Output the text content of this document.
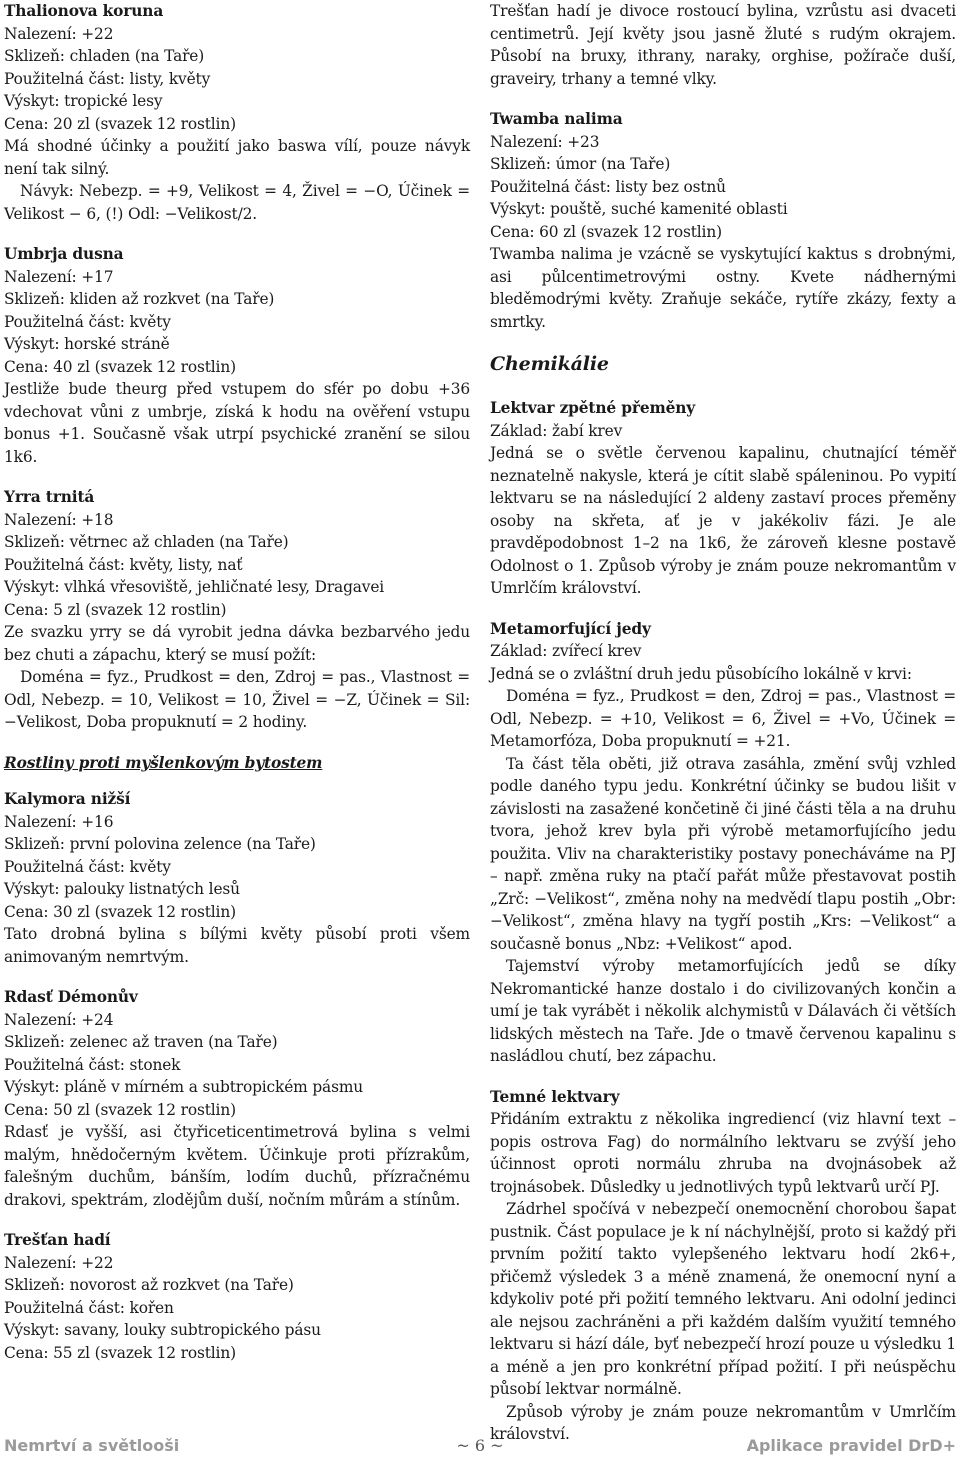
Thalionova koruna

Nalezení: +22

Sklizeň: chladen (na Taře)

Použitelná část: listy, květy

Výskyt: tropické lesy

Cena: 20 zl (svazek 12 rostlin)

Má shodné účinky a použití jako baswa vílí, pouze návyk není tak silný.

Návyk: Nebezp. = +9, Velikost = 4, Živel = −O, Účinek = Velikost − 6, (!) Odl: −Velikost/2.

Umbrja dusna

Nalezení: +17

Sklizeň: kliden až rozkvet (na Taře)

Použitelná část: květy

Výskyt: horské stráně

Cena: 40 zl (svazek 12 rostlin)

Jestliže bude theurg před vstupem do sfér po dobu +36 vdechovat vůni z umbrje, získá k hodu na ověření vstupu bonus +1. Současně však utrpí psychické zranění se silou 1k6.

Yrra trnitá

Nalezení: +18

Sklizeň: větrnec až chladen (na Taře)

Použitelná část: květy, listy, nať

Výskyt: vlhká vřesoviště, jehličnaté lesy, Dragavei

Cena: 5 zl (svazek 12 rostlin)

Ze svazku yrry se dá vyrobit jedna dávka bezbarvého jedu bez chuti a zápachu, který se musí požít:

Doména = fyz., Prudkost = den, Zdroj = pas., Vlastnost = Odl, Nebezp. = 10, Velikost = 10, Živel = −Z, Účinek = Sil: −Velikost, Doba propuknutí = 2 hodiny.

Rostliny proti myšlenkovým bytostem

Kalymora nižší

Nalezení: +16

Sklizeň: první polovina zelence (na Taře)

Použitelná část: květy

Výskyt: palouky listnatých lesů

Cena: 30 zl (svazek 12 rostlin)

Tato drobná bylina s bílými květy působí proti všem animovaným nemrtvým.

Rdasť Démonův

Nalezení: +24

Sklizeň: zelenec až traven (na Taře)

Použitelná část: stonek

Výskyt: pláně v mírném a subtropickém pásmu

Cena: 50 zl (svazek 12 rostlin)

Rdasť je vyšší, asi čtyřiceticentimetrová bylina s velmi malým, hnědočerným květem. Účinkuje proti přízrakům, falešným duchům, bánším, lodím duchů, přízračnému drakovi, spektrám, zlodějům duší, nočním můrám a stínům.

Trešťan hadí

Nalezení: +22

Sklizeň: novorost až rozkvet (na Taře)

Použitelná část: kořen

Výskyt: savany, louky subtropického pásu

Cena: 55 zl (svazek 12 rostlin)

Trešťan hadí je divoce rostoucí bylina, vzrůstu asi dvaceti centimetrů. Její květy jsou jasně žluté s rudým okrajem. Působí na bruxy, ithrany, naraky, orghise, požírače duší, graveiry, trhany a temné vlky.

Twamba nalima

Nalezení: +23

Sklizeň: úmor (na Taře)

Použitelná část: listy bez ostnů

Výskyt: pouště, suché kamenité oblasti

Cena: 60 zl (svazek 12 rostlin)

Twamba nalima je vzácně se vyskytující kaktus s drobnými, asi půlcentimetrovými ostny. Kvete nádhernými bleděmodrými květy. Zraňuje sekáče, rytíře zkázy, fexty a smrtky.

Chemikálie

Lektvar zpětné přeměny

Základ: žabí krev

Jedná se o světle červenou kapalinu, chutnající téměř neznatelně nakysle, která je cítit slabě spáleninou. Po vypití lektvaru se na následující 2 aldeny zastaví proces přeměny osoby na skřeta, ať je v jakékoliv fázi. Je ale pravděpodobnost 1–2 na 1k6, že zároveň klesne postavě Odolnost o 1. Způsob výroby je znám pouze nekromantům v Umrlčím království.

Metamorfující jedy

Základ: zvířecí krev

Jedná se o zvláštní druh jedu působícího lokálně v krvi:

Doména = fyz., Prudkost = den, Zdroj = pas., Vlastnost = Odl, Nebezp. = +10, Velikost = 6, Živel = +Vo, Účinek = Metamorfóza, Doba propuknutí = +21.

Ta část těla oběti, již otrava zasáhla, změní svůj vzhled podle daného typu jedu. Konkrétní účinky se budou lišit v závislosti na zasažené končetině či jiné části těla a na druhu tvora, jehož krev byla při výrobě metamorfujícího jedu použita. Vliv na charakteristiky postavy ponecháváme na PJ – např. změna ruky na ptačí pařát může přestavovat postih „Zrč: −Velikost“, změna nohy na medvědí tlapu postih „Obr: −Velikost“, změna hlavy na tygří postih „Krs: −Velikost“ a současně bonus „Nbz: +Velikost“ apod.

Tajemství výroby metamorfujících jedů se díky Nekromantické hanze dostalo i do civilizovaných končin a umí je tak vyrábět i několik alchymistů v Dálavách či větších lidských městech na Taře. Jde o tmavě červenou kapalinu s nasládlou chutí, bez zápachu.

Temné lektvary

Přidáním extraktu z několika ingrediencí (viz hlavní text – popis ostrova Fag) do normálního lektvaru se zvýší jeho účinnost oproti normálu zhruba na dvojnásobek až trojnásobek. Důsledky u jednotlivých typů lektvarů určí PJ.

Zádrhel spočívá v nebezpečí onemocnění chorobou šapat pustnik. Část populace je k ní náchylnější, proto si každý při prvním požití takto vylepšeného lektvaru hodí 2k6+, přičemž výsledek 3 a méně znamená, že onemocní nyní a kdykoliv poté při požití temného lektvaru. Ani odolní jedinci ale nejsou zachráněni a při každém dalším využití temného lektvaru si hází dále, byť nebezpečí hrozí pouze u výsledku 1 a méně a jen pro konkrétní případ požití. I při neúspěchu působí lektvar normálně.

Způsob výroby je znám pouze nekromantům v Umrlčím království.

Nemrtví a světlooši	~ 6 ~	Aplikace pravidel DrD+
